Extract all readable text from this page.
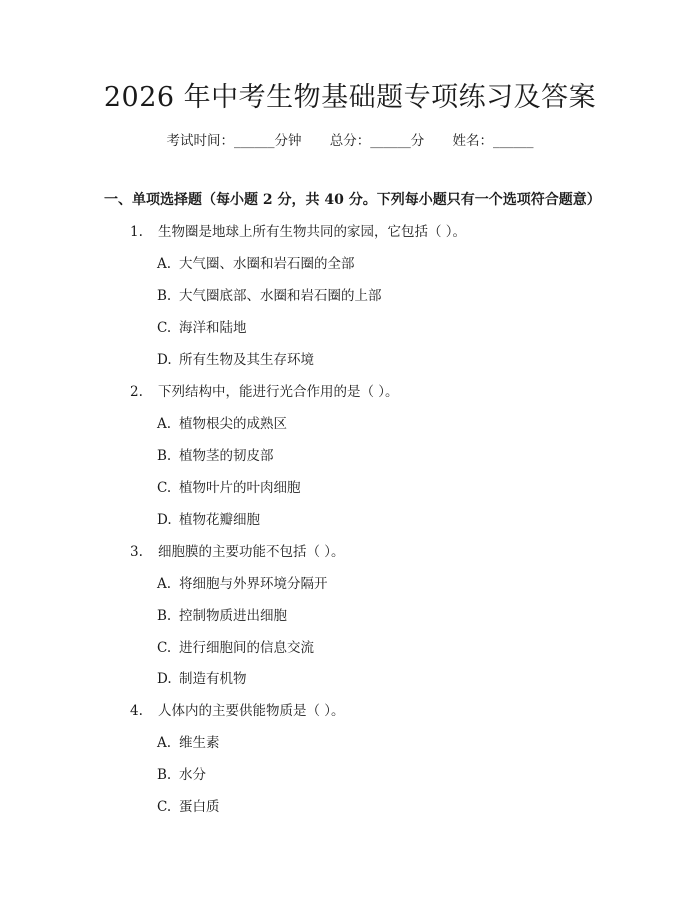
2026 年中考生物基础题专项练习及答案
考试时间：______分钟 总分：______分 姓名：______
一、单项选择题（每小题 2 分，共 40 分。下列每小题只有一个选项符合题意）
1. 生物圈是地球上所有生物共同的家园，它包括（ ）。
A. 大气圈、水圈和岩石圈的全部
B. 大气圈底部、水圈和岩石圈的上部
C. 海洋和陆地
D. 所有生物及其生存环境
2. 下列结构中，能进行光合作用的是（ ）。
A. 植物根尖的成熟区
B. 植物茎的韧皮部
C. 植物叶片的叶肉细胞
D. 植物花瓣细胞
3. 细胞膜的主要功能不包括（ ）。
A. 将细胞与外界环境分隔开
B. 控制物质进出细胞
C. 进行细胞间的信息交流
D. 制造有机物
4. 人体内的主要供能物质是（ ）。
A. 维生素
B. 水分
C. 蛋白质
